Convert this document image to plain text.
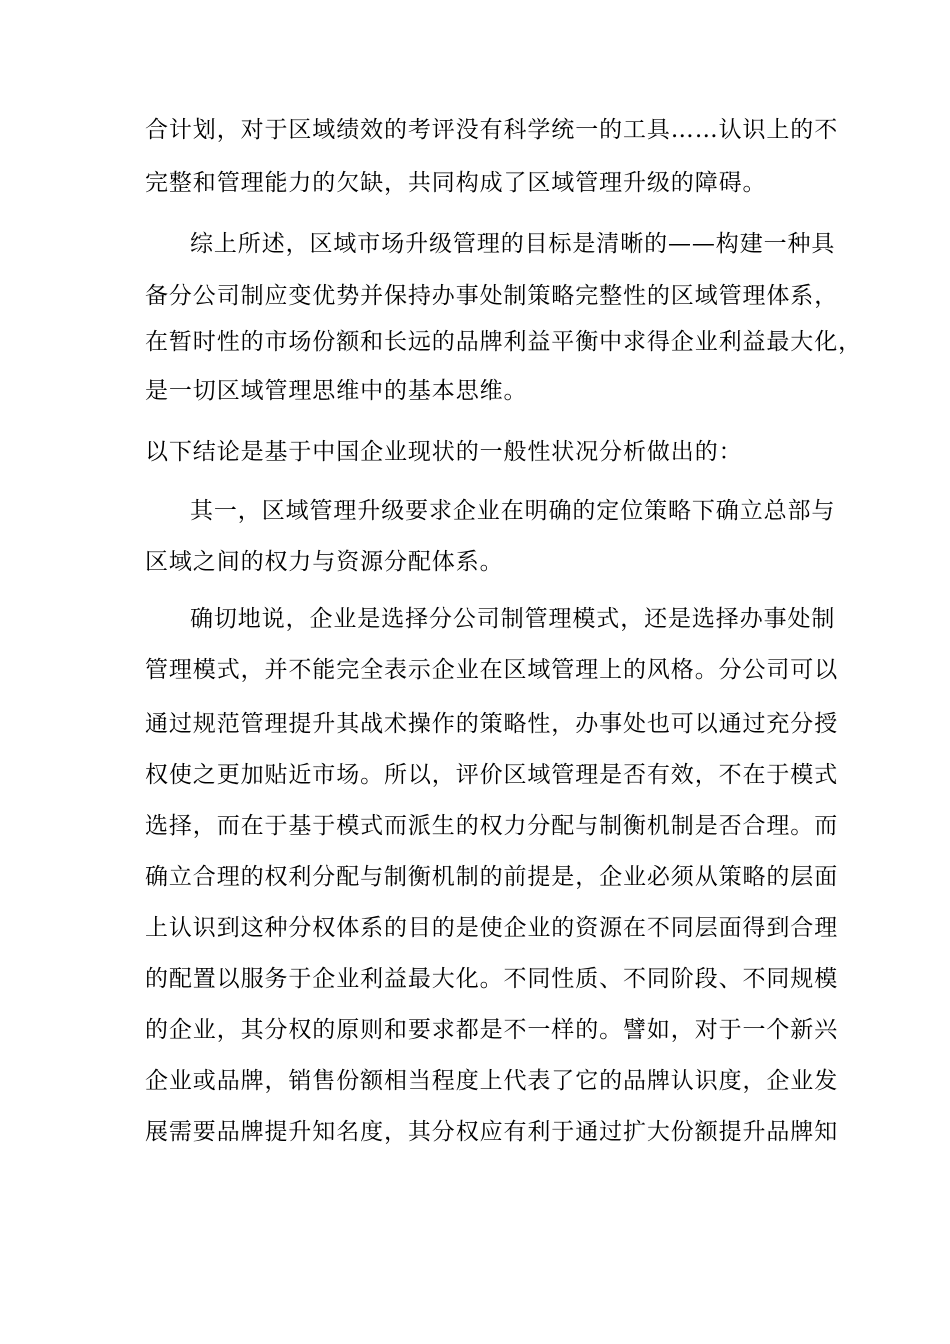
合计划，对于区域绩效的考评没有科学统一的工具……认识上的不
完整和管理能力的欠缺，共同构成了区域管理升级的障碍。
综上所述，区域市场升级管理的目标是清晰的——构建一种具
备分公司制应变优势并保持办事处制策略完整性的区域管理体系，
在暂时性的市场份额和长远的品牌利益平衡中求得企业利益最大化，
是一切区域管理思维中的基本思维。
以下结论是基于中国企业现状的一般性状况分析做出的：
其一，区域管理升级要求企业在明确的定位策略下确立总部与
区域之间的权力与资源分配体系。
确切地说，企业是选择分公司制管理模式，还是选择办事处制
管理模式，并不能完全表示企业在区域管理上的风格。分公司可以
通过规范管理提升其战术操作的策略性，办事处也可以通过充分授
权使之更加贴近市场。所以，评价区域管理是否有效，不在于模式
选择，而在于基于模式而派生的权力分配与制衡机制是否合理。而
确立合理的权利分配与制衡机制的前提是，企业必须从策略的层面
上认识到这种分权体系的目的是使企业的资源在不同层面得到合理
的配置以服务于企业利益最大化。不同性质、不同阶段、不同规模
的企业，其分权的原则和要求都是不一样的。譬如，对于一个新兴
企业或品牌，销售份额相当程度上代表了它的品牌认识度，企业发
展需要品牌提升知名度，其分权应有利于通过扩大份额提升品牌知
